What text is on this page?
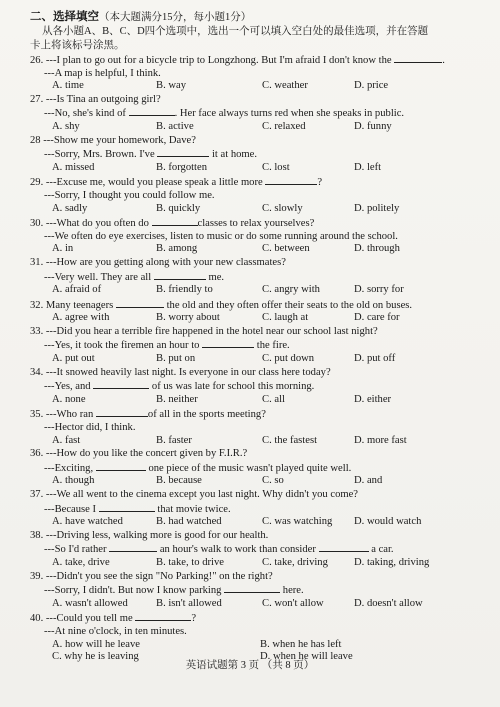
二、选择填空（本大题满分15分，每小题1分）
从各小题A、B、C、D四个选项中，选出一个可以填入空白处的最佳选项，并在答题
卡上将该标号涂黑。
26. ---I plan to go out for a bicycle trip to Longzhong. But I'm afraid I don't know the	.
---A map is helpful, I think.
A. time	B. way	C. weather	D. price
27. ---Is Tina an outgoing girl?
---No, she's kind of	. Her face always turns red when she speaks in public.
A. shy	B. active	C. relaxed	D. funny
28 ---Show me your homework, Dave?
---Sorry, Mrs. Brown. I've	it at home.
A. missed	B. forgotten	C. lost	D. left
29. ---Excuse me, would you please speak a little more	?
---Sorry, I thought you could follow me.
A. sadly	B. quickly	C. slowly	D. politely
30. ---What do you often do	classes to relax yourselves?
---We often do eye exercises, listen to music or do some running around the school.
A. in	B. among	C. between	D. through
31. ---How are you getting along with your new classmates?
---Very well. They are all	me.
A. afraid of	B. friendly to	C. angry with	D. sorry for
32. Many teenagers	the old and they often offer their seats to the old on buses.
A. agree with	B. worry about	C. laugh at	D. care for
33. ---Did you hear a terrible fire happened in the hotel near our school last night?
---Yes, it took the firemen an hour to	the fire.
A. put out	B. put on	C. put down	D. put off
34. ---It snowed heavily last night. Is everyone in our class here today?
---Yes, and	of us was late for school this morning.
A. none	B. neither	C. all	D. either
35. ---Who ran	of all in the sports meeting?
---Hector did, I think.
A. fast	B. faster	C. the fastest	D. more fast
36. ---How do you like the concert given by F.I.R.?
---Exciting,	one piece of the music wasn't played quite well.
A. though	B. because	C. so	D. and
37. ---We all went to the cinema except you last night. Why didn't you come?
---Because I	that movie twice.
A. have watched	B. had watched	C. was watching	D. would watch
38. ---Driving less, walking more is good for our health.
---So I'd rather	an hour's walk to work than consider	a car.
A. take, drive	B. take, to drive	C. take, driving	D. taking, driving
39. ---Didn't you see the sign "No Parking!" on the right?
---Sorry, I didn't. But now I know parking	here.
A. wasn't allowed	B. isn't allowed	C. won't allow	D. doesn't allow
40. ---Could you tell me	?
---At nine o'clock, in ten minutes.
A. how will he leave	B. when he has left
C. why he is leaving	D. when he will leave
英语试题第 3 页 （共 8 页）
